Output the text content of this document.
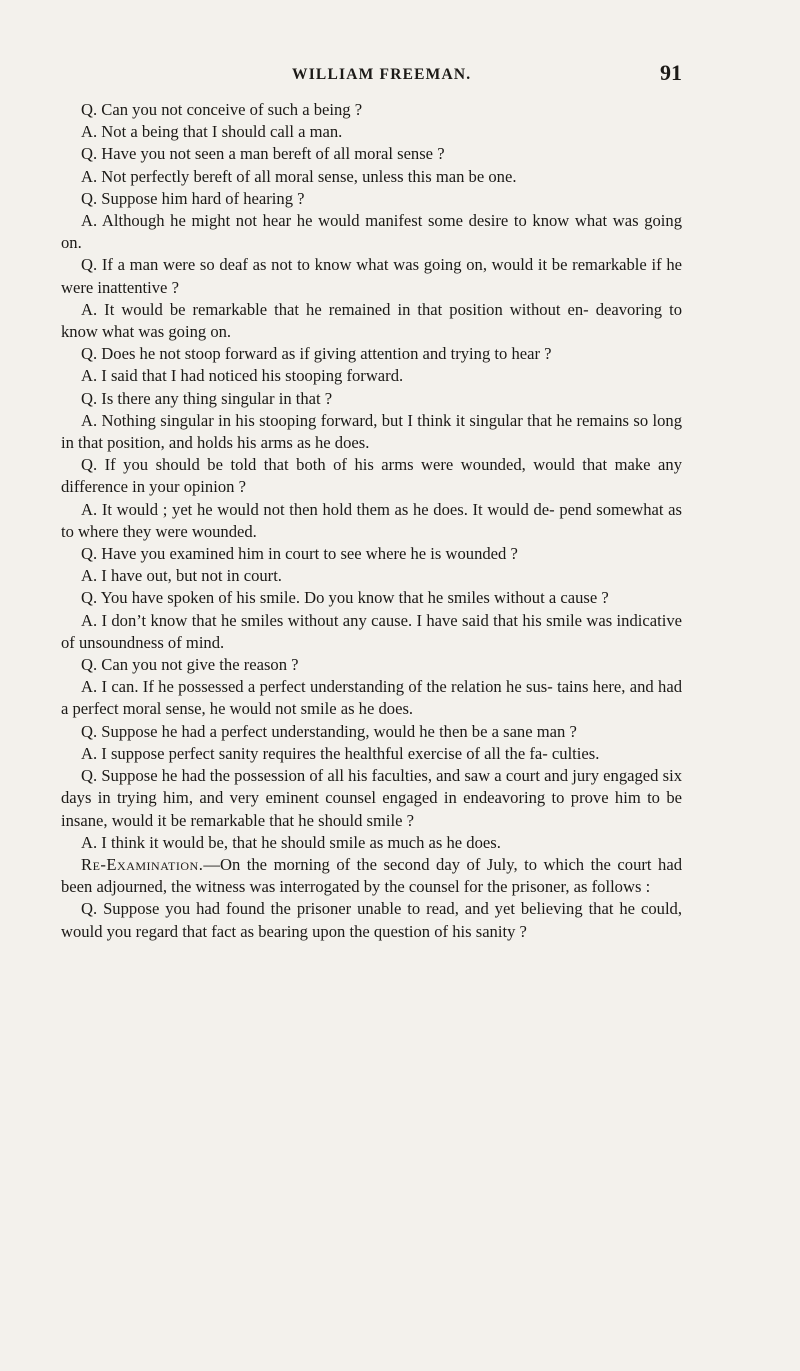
WILLIAM FREEMAN.	91

Q. Can you not conceive of such a being ?

A. Not a being that I should call a man.

Q. Have you not seen a man bereft of all moral sense ?

A. Not perfectly bereft of all moral sense, unless this man be one.

Q. Suppose him hard of hearing ?

A. Although he might not hear he would manifest some desire to know what was going on.

Q. If a man were so deaf as not to know what was going on, would it be remarkable if he were inattentive ?

A. It would be remarkable that he remained in that position without en- deavoring to know what was going on.

Q. Does he not stoop forward as if giving attention and trying to hear ?

A. I said that I had noticed his stooping forward.

Q. Is there any thing singular in that ?

A. Nothing singular in his stooping forward, but I think it singular that he remains so long in that position, and holds his arms as he does.

Q. If you should be told that both of his arms were wounded, would that make any difference in your opinion ?

A. It would ; yet he would not then hold them as he does. It would de- pend somewhat as to where they were wounded.

Q. Have you examined him in court to see where he is wounded ?

A. I have out, but not in court.

Q. You have spoken of his smile. Do you know that he smiles without a cause ?

A. I don’t know that he smiles without any cause. I have said that his smile was indicative of unsoundness of mind.

Q. Can you not give the reason ?

A. I can. If he possessed a perfect understanding of the relation he sus- tains here, and had a perfect moral sense, he would not smile as he does.

Q. Suppose he had a perfect understanding, would he then be a sane man ?

A. I suppose perfect sanity requires the healthful exercise of all the fa- culties.

Q. Suppose he had the possession of all his faculties, and saw a court and jury engaged six days in trying him, and very eminent counsel engaged in endeavoring to prove him to be insane, would it be remarkable that he should smile ?

A. I think it would be, that he should smile as much as he does.

Re-Examination.—On the morning of the second day of July, to which the court had been adjourned, the witness was interrogated by the counsel for the prisoner, as follows :

Q. Suppose you had found the prisoner unable to read, and yet believing that he could, would you regard that fact as bearing upon the question of his sanity ?
